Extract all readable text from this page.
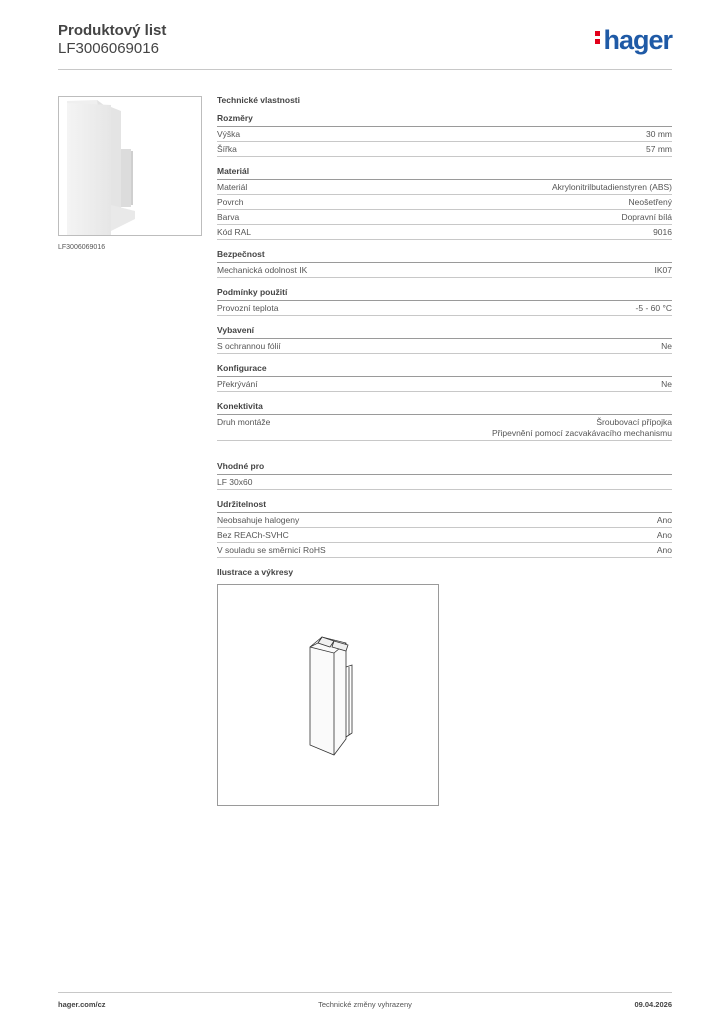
Produktový list
LF3006069016	hager
LF3006069016
Technické vlastnosti
Rozměry
Výška	30 mm
Šířka	57 mm
Materiál
Materiál	Akrylonitrilbutadienstyren (ABS)
Povrch	Neošetřený
Barva	Dopravní bílá
Kód RAL	9016
Bezpečnost
Mechanická odolnost IK	IK07
Podmínky použití
Provozní teplota	-5 - 60 °C
Vybavení
S ochrannou fólií	Ne
Konfigurace
Překrývání	Ne
Konektivita
Druh montáže	Šroubovací přípojka
Připevnění pomocí zacvakávacího mechanismu
Vhodné pro
LF 30x60
Udržitelnost
Neobsahuje halogeny	Ano
Bez REACh-SVHC	Ano
V souladu se směrnicí RoHS	Ano
Ilustrace a výkresy
hager.com/cz	Technické změny vyhrazeny	09.04.2026
